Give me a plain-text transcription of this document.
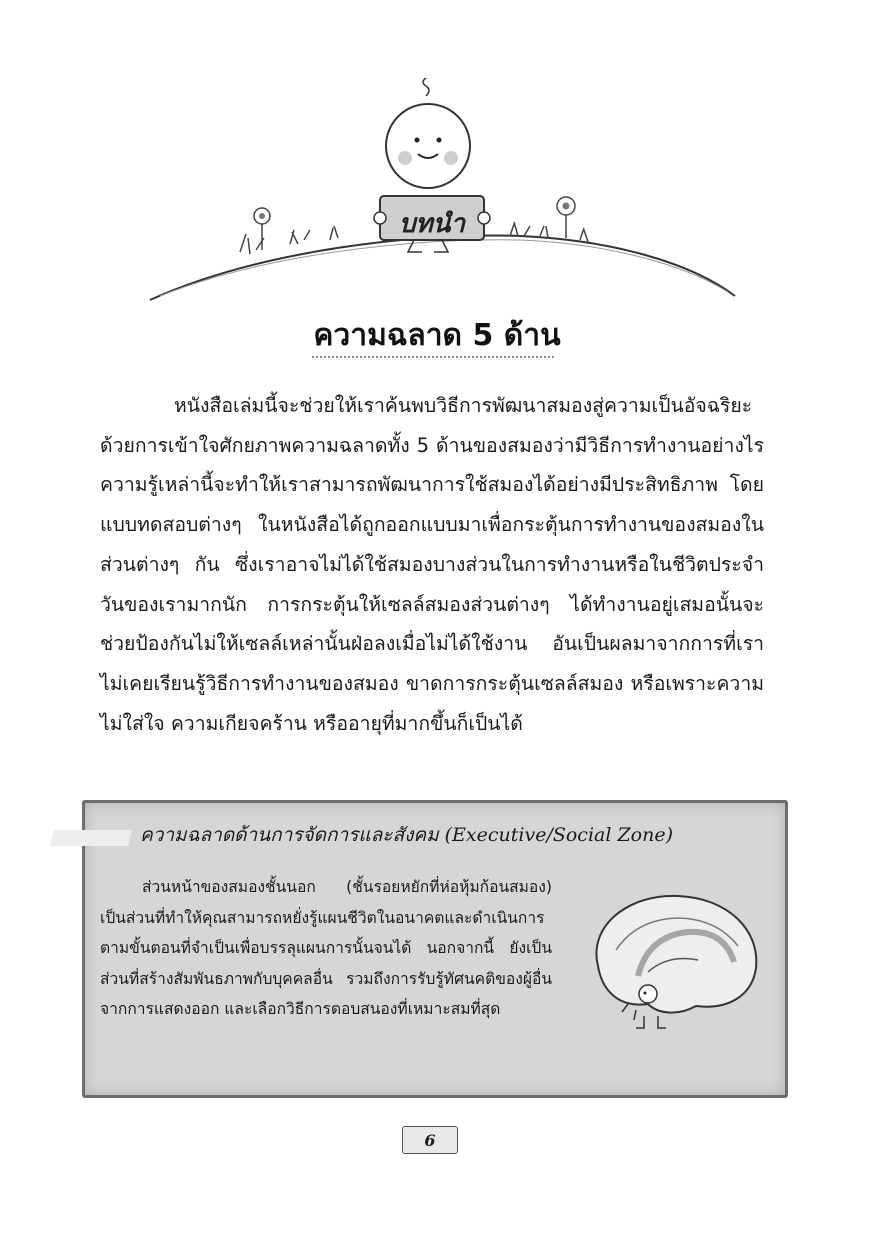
บทนำ
ความฉลาด 5 ด้าน

หนังสือเล่มนี้จะช่วยให้เราค้นพบวิธีการพัฒนาสมองสู่ความเป็นอัจฉริยะด้วยการเข้าใจศักยภาพความฉลาดทั้ง 5 ด้านของสมองว่ามีวิธีการทำงานอย่างไร ความรู้เหล่านี้จะทำให้เราสามารถพัฒนาการใช้สมองได้อย่างมีประสิทธิภาพ โดยแบบทดสอบต่างๆ ในหนังสือได้ถูกออกแบบมาเพื่อกระตุ้นการทำงานของสมองในส่วนต่างๆ กัน ซึ่งเราอาจไม่ได้ใช้สมองบางส่วนในการทำงานหรือในชีวิตประจำวันของเรามากนัก การกระตุ้นให้เซลล์สมองส่วนต่างๆ ได้ทำงานอยู่เสมอนั้นจะช่วยป้องกันไม่ให้เซลล์เหล่านั้นฝ่อลงเมื่อไม่ได้ใช้งาน อันเป็นผลมาจากการที่เราไม่เคยเรียนรู้วิธีการทำงานของสมอง ขาดการกระตุ้นเซลล์สมอง หรือเพราะความไม่ใส่ใจ ความเกียจคร้าน หรืออายุที่มากขึ้นก็เป็นได้

ความฉลาดด้านการจัดการและสังคม (Executive/Social Zone)

ส่วนหน้าของสมองชั้นนอก (ชั้นรอยหยักที่ห่อหุ้มก้อนสมอง) เป็นส่วนที่ทำให้คุณสามารถหยั่งรู้แผนชีวิตในอนาคตและดำเนินการตามขั้นตอนที่จำเป็นเพื่อบรรลุแผนการนั้นจนได้ นอกจากนี้ ยังเป็นส่วนที่สร้างสัมพันธภาพกับบุคคลอื่น รวมถึงการรับรู้ทัศนคติของผู้อื่นจากการแสดงออก และเลือกวิธีการตอบสนองที่เหมาะสมที่สุด

6
